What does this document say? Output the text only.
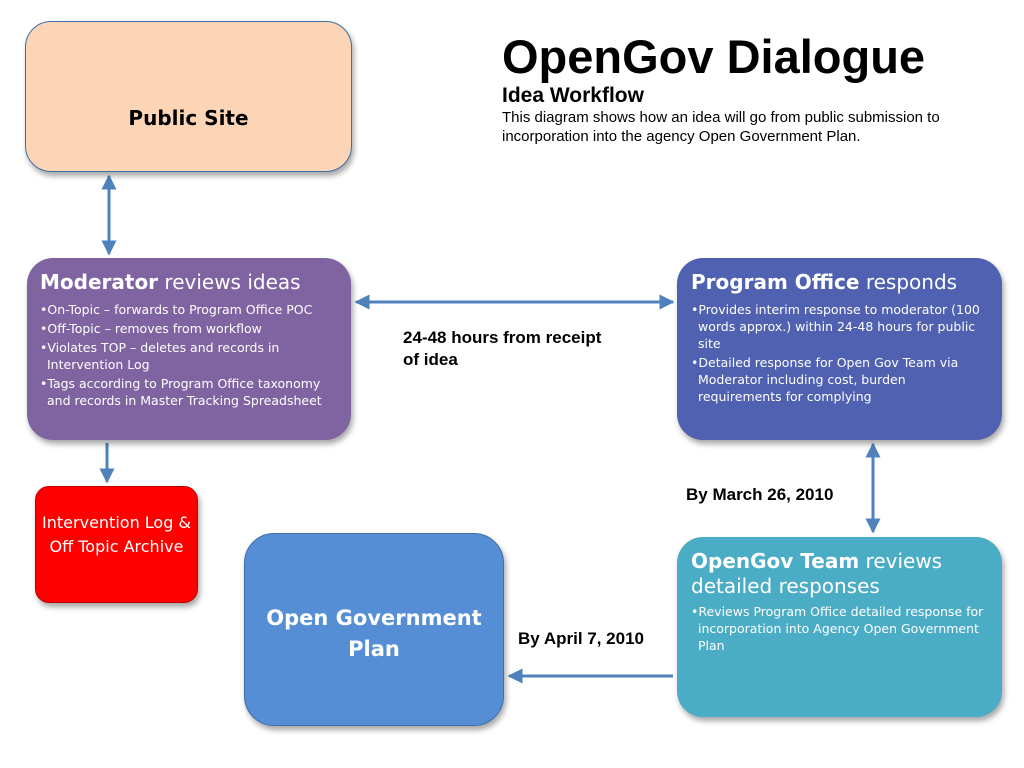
Public Site

OpenGov Dialogue

Idea Workflow

This diagram shows how an idea will go from public submission to incorporation into the agency Open Government Plan.

Moderator reviews ideas

•On-Topic – forwards to Program Office POC
•Off-Topic – removes from workflow
•Violates TOP – deletes and records in Intervention Log
•Tags according to Program Office taxonomy and records in Master Tracking Spreadsheet

Program Office responds

•Provides interim response to moderator (100 words approx.) within 24-48 hours for public site
•Detailed response for Open Gov Team via Moderator including cost, burden requirements for complying
24-48 hours from receipt of idea
By March 26, 2010
By April 7, 2010
Intervention Log & Off Topic Archive
Open Government Plan

OpenGov Team reviews detailed responses

•Reviews Program Office detailed response for incorporation into Agency Open Government Plan
